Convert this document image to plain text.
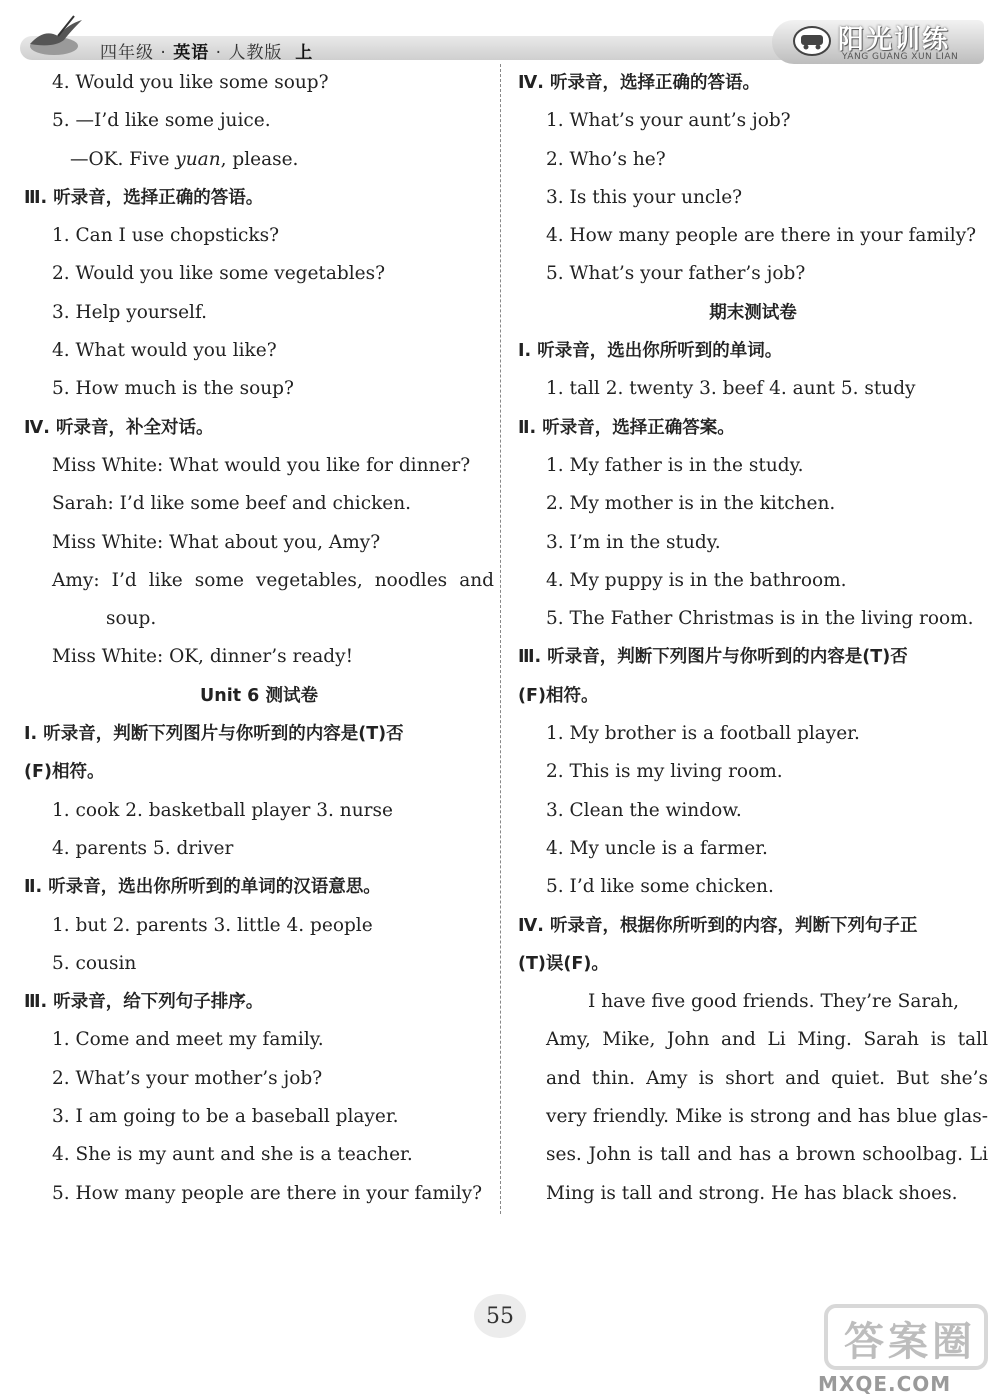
四年级 · 英语 · 人教版 上	阳光训练
YANG GUANG XUN LIAN
4. Would you like some soup?
5. —I’d like some juice.
—OK. Five yuan, please.
Ⅲ. 听录音，选择正确的答语。
1. Can I use chopsticks?
2. Would you like some vegetables?
3. Help yourself.
4. What would you like?
5. How much is the soup?
Ⅳ. 听录音，补全对话。
Miss White: What would you like for dinner?
Sarah: I’d like some beef and chicken.
Miss White: What about you, Amy?
Amy: I’d like some vegetables, noodles and
soup.
Miss White: OK, dinner’s ready!
Unit 6 测试卷
Ⅰ. 听录音，判断下列图片与你听到的内容是(T)否
(F)相符。
1. cook 2. basketball player 3. nurse
4. parents 5. driver
Ⅱ. 听录音，选出你所听到的单词的汉语意思。
1. but 2. parents 3. little 4. people
5. cousin
Ⅲ. 听录音，给下列句子排序。
1. Come and meet my family.
2. What’s your mother’s job?
3. I am going to be a baseball player.
4. She is my aunt and she is a teacher.
5. How many people are there in your family?
Ⅳ. 听录音，选择正确的答语。
1. What’s your aunt’s job?
2. Who’s he?
3. Is this your uncle?
4. How many people are there in your family?
5. What’s your father’s job?
期末测试卷
Ⅰ. 听录音，选出你所听到的单词。
1. tall 2. twenty 3. beef 4. aunt 5. study
Ⅱ. 听录音，选择正确答案。
1. My father is in the study.
2. My mother is in the kitchen.
3. I’m in the study.
4. My puppy is in the bathroom.
5. The Father Christmas is in the living room.
Ⅲ. 听录音，判断下列图片与你听到的内容是(T)否
(F)相符。
1. My brother is a football player.
2. This is my living room.
3. Clean the window.
4. My uncle is a farmer.
5. I’d like some chicken.
Ⅳ. 听录音，根据你所听到的内容，判断下列句子正
(T)误(F)。
I have five good friends. They’re Sarah,
Amy, Mike, John and Li Ming. Sarah is tall
and thin. Amy is short and quiet. But she’s
very friendly. Mike is strong and has blue glas-
ses. John is tall and has a brown schoolbag. Li
Ming is tall and strong. He has black shoes.
55
答案圈
MXQE.COM
